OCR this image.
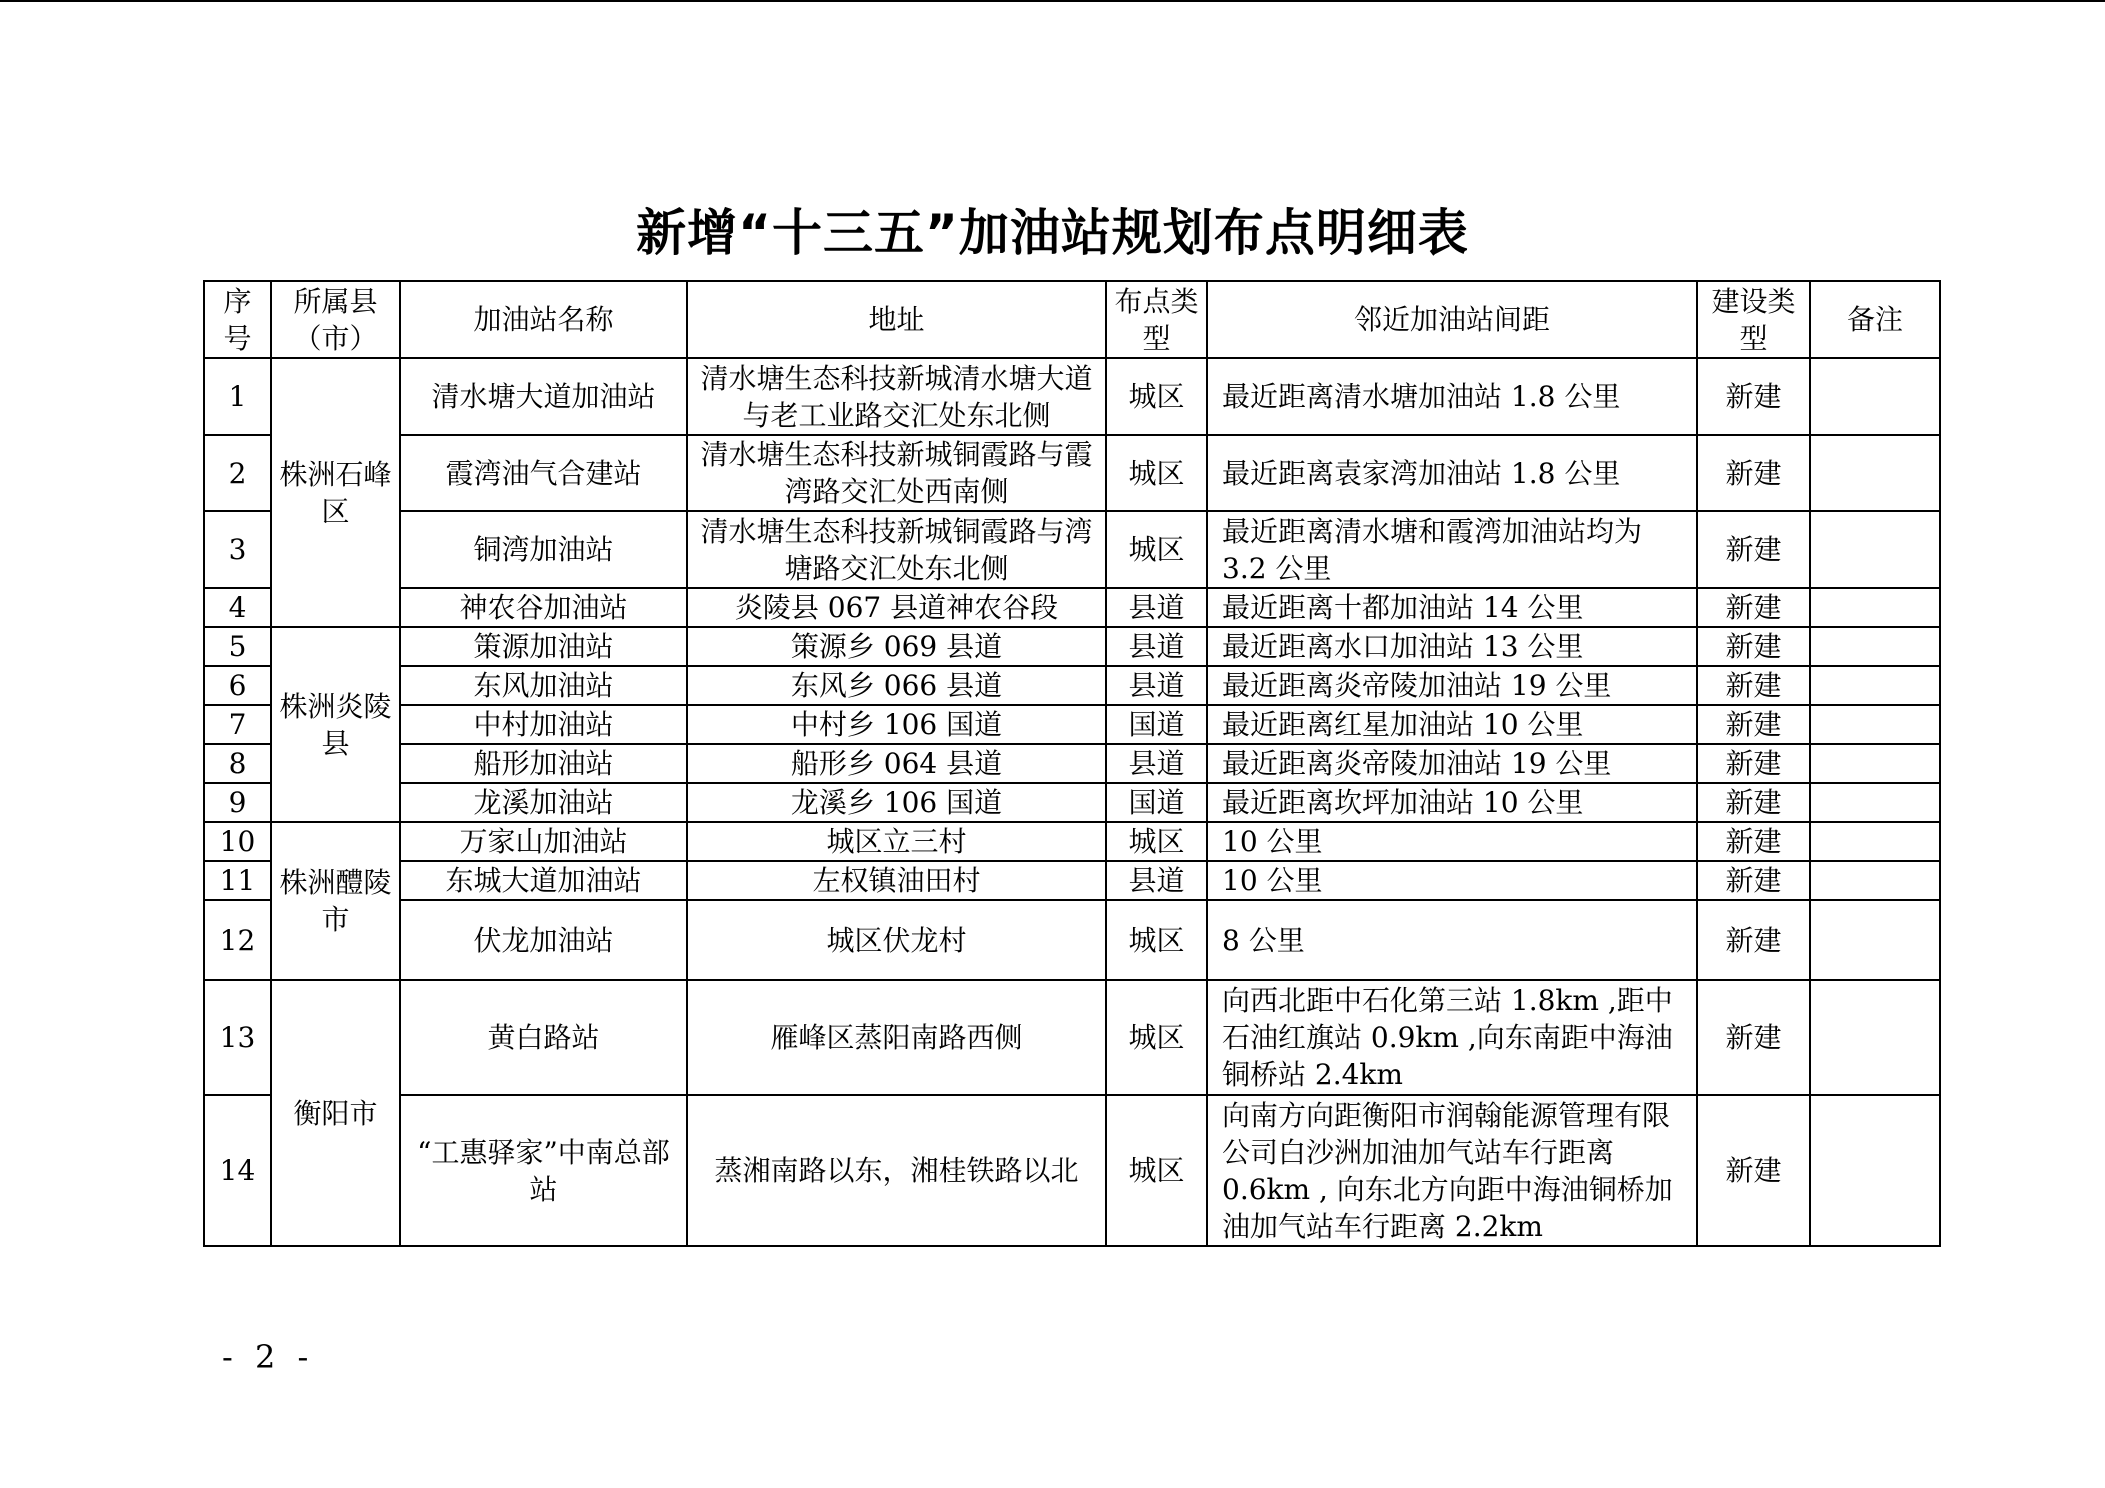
新增“十三五”加油站规划布点明细表
序号	所属县（市）	加油站名称	地址	布点类型	邻近加油站间距	建设类型	备注
1	株洲石峰区	清水塘大道加油站	清水塘生态科技新城清水塘大道与老工业路交汇处东北侧	城区	最近距离清水塘加油站 1.8 公里	新建	
2		霞湾油气合建站	清水塘生态科技新城铜霞路与霞湾路交汇处西南侧	城区	最近距离袁家湾加油站 1.8 公里	新建	
3		铜湾加油站	清水塘生态科技新城铜霞路与湾塘路交汇处东北侧	城区	最近距离清水塘和霞湾加油站均为 3.2 公里	新建	
4		神农谷加油站	炎陵县 067 县道神农谷段	县道	最近距离十都加油站 14 公里	新建	
5	株洲炎陵县	策源加油站	策源乡 069 县道	县道	最近距离水口加油站 13 公里	新建	
6		东风加油站	东风乡 066 县道	县道	最近距离炎帝陵加油站 19 公里	新建	
7		中村加油站	中村乡 106 国道	国道	最近距离红星加油站 10 公里	新建	
8		船形加油站	船形乡 064 县道	县道	最近距离炎帝陵加油站 19 公里	新建	
9		龙溪加油站	龙溪乡 106 国道	国道	最近距离坎坪加油站 10 公里	新建	
10	株洲醴陵市	万家山加油站	城区立三村	城区	10 公里	新建	
11		东城大道加油站	左权镇油田村	县道	10 公里	新建	
12		伏龙加油站	城区伏龙村	城区	8 公里	新建	
13	衡阳市	黄白路站	雁峰区蒸阳南路西侧	城区	向西北距中石化第三站 1.8km ,距中石油红旗站 0.9km ,向东南距中海油铜桥站 2.4km	新建	
14		“工惠驿家”中南总部站	蒸湘南路以东，湘桂铁路以北	城区	向南方向距衡阳市润翰能源管理有限公司白沙洲加油加气站车行距离 0.6km , 向东北方向距中海油铜桥加油加气站车行距离 2.2km	新建	
- 2 -
